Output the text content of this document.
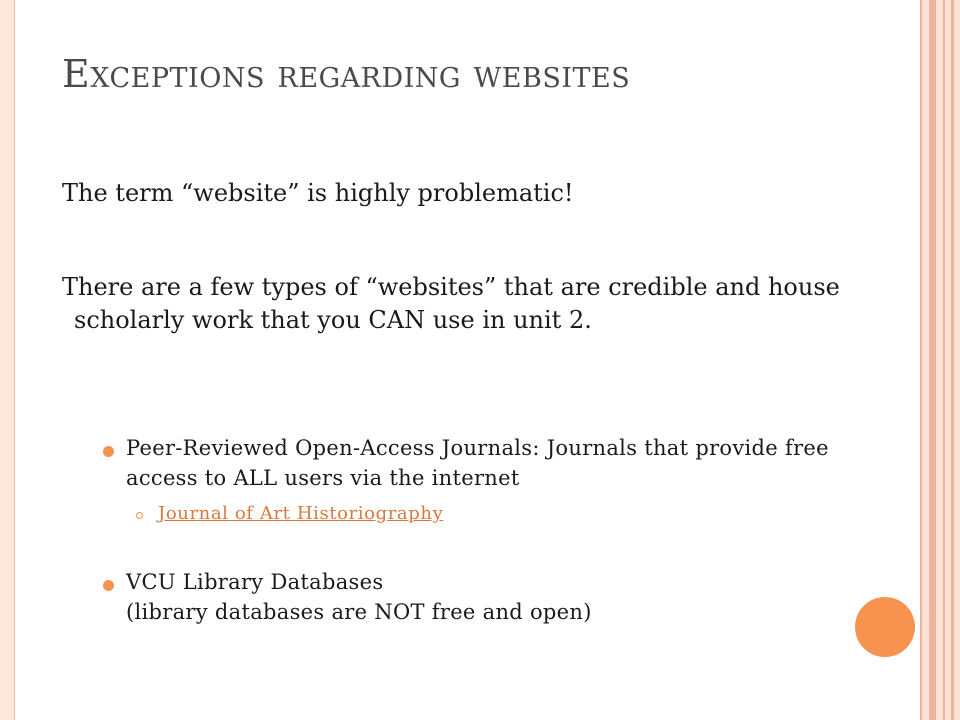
Exceptions regarding websites
The term “website” is highly problematic!
There are a few types of “websites” that are credible and house scholarly work that you CAN use in unit 2.
Peer-Reviewed Open-Access Journals: Journals that provide free access to ALL users via the internet
Journal of Art Historiography
VCU Library Databases
(library databases are NOT free and open)
